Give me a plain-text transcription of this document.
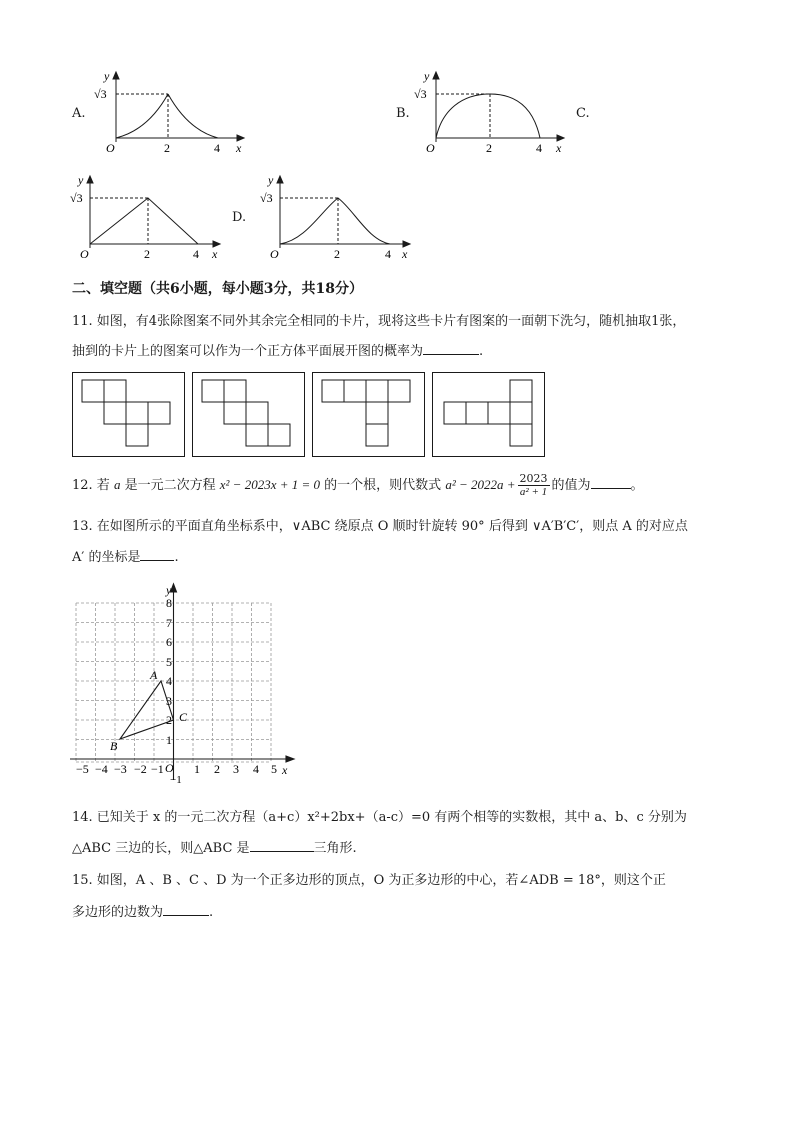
A.
y
√3
O	2	4 x
B.
y
√3
O	2	4 x
C.
y
√3
O	2	4 x
D.
y
√3
O	2	4 x
二、填空题（共6小题，每小题3分，共18分）
11. 如图，有4张除图案不同外其余完全相同的卡片，现将这些卡片有图案的一面朝下洗匀，随机抽取1张，
抽到的卡片上的图案可以作为一个正方体平面展开图的概率为	.
12. 若 a 是一元二次方程 x² − 2023x + 1 = 0 的一个根，则代数式 $a^2 - 2022a + \frac{2023}{\text{a² + 1}}$ 的值为	。
13. 在如图所示的平面直角坐标系中，∨ABC 绕原点 O 顺时针旋转 90° 后得到 ∨A′B′C′，则点 A 的对应点
A′ 的坐标是	.
y
x
O
A
B
C
−5 −4 −3 −2 −1	1 2 3 4 5
1
2
3
4
5
6
7
8
−1
14. 已知关于 x 的一元二次方程（a+c）x²+2bx+（a-c）=0 有两个相等的实数根，其中 a、b、c 分别为
△ABC 三边的长，则△ABC 是	三角形.
15. 如图，A 、B 、C 、D 为一个正多边形的顶点，O 为正多边形的中心，若∠ADB = 18°，则这个正
多边形的边数为	.
